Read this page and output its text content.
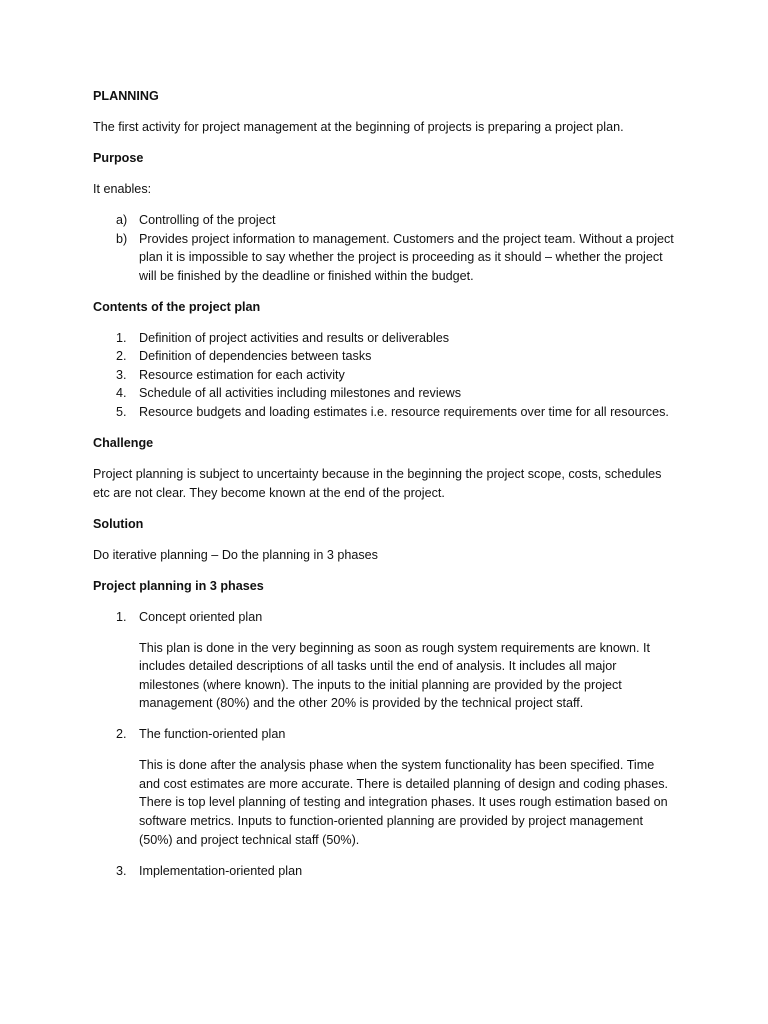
PLANNING
The first activity for project management at the beginning of projects is preparing a project plan.
Purpose
It enables:
a) Controlling of the project
b) Provides project information to management. Customers and the project team. Without a project plan it is impossible to say whether the project is proceeding as it should – whether the project will be finished by the deadline or finished within the budget.
Contents of the project plan
1. Definition of project activities and results or deliverables
2. Definition of dependencies between tasks
3. Resource estimation for each activity
4. Schedule of all activities including milestones and reviews
5. Resource budgets and loading estimates i.e. resource requirements over time for all resources.
Challenge
Project planning is subject to uncertainty because in the beginning the project scope, costs, schedules etc are not clear. They become known at the end of the project.
Solution
Do iterative planning – Do the planning in 3 phases
Project planning in 3 phases
1. Concept oriented plan
This plan is done in the very beginning as soon as rough system requirements are known. It includes detailed descriptions of all tasks until the end of analysis. It includes all major milestones (where known). The inputs to the initial planning are provided by the project management (80%) and the other 20% is provided by the technical project staff.
2. The function-oriented plan
This is done after the analysis phase when the system functionality has been specified. Time and cost estimates are more accurate. There is detailed planning of design and coding phases. There is top level planning of testing and integration phases. It uses rough estimation based on software metrics. Inputs to function-oriented planning are provided by project management (50%) and project technical staff (50%).
3. Implementation-oriented plan
